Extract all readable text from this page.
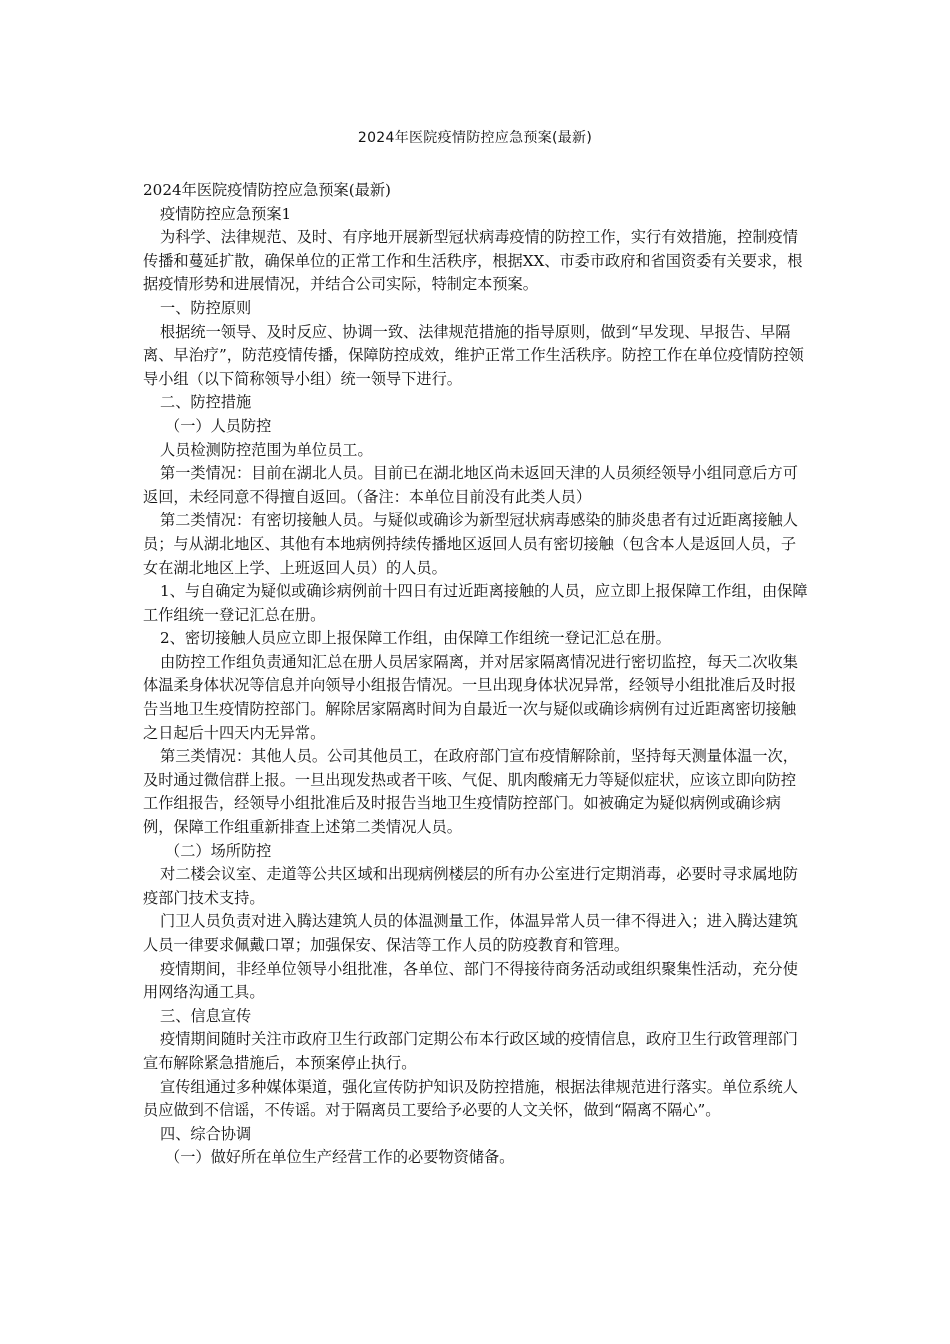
2024年医院疫情防控应急预案(最新)

2024年医院疫情防控应急预案(最新)

疫情防控应急预案1

为科学、法律规范、及时、有序地开展新型冠状病毒疫情的防控工作，实行有效措施，控制疫情传播和蔓延扩散，确保单位的正常工作和生活秩序，根据XX、市委市政府和省国资委有关要求，根据疫情形势和进展情况，并结合公司实际，特制定本预案。

一、防控原则

根据统一领导、及时反应、协调一致、法律规范措施的指导原则，做到“早发现、早报告、早隔离、早治疗”，防范疫情传播，保障防控成效，维护正常工作生活秩序。防控工作在单位疫情防控领导小组（以下简称领导小组）统一领导下进行。

二、防控措施

（一）人员防控

人员检测防控范围为单位员工。

第一类情况：目前在湖北人员。目前已在湖北地区尚未返回天津的人员须经领导小组同意后方可返回，未经同意不得擅自返回。（备注：本单位目前没有此类人员）

第二类情况：有密切接触人员。与疑似或确诊为新型冠状病毒感染的肺炎患者有过近距离接触人员；与从湖北地区、其他有本地病例持续传播地区返回人员有密切接触（包含本人是返回人员，子女在湖北地区上学、上班返回人员）的人员。

1、与自确定为疑似或确诊病例前十四日有过近距离接触的人员，应立即上报保障工作组，由保障工作组统一登记汇总在册。

2、密切接触人员应立即上报保障工作组，由保障工作组统一登记汇总在册。

由防控工作组负责通知汇总在册人员居家隔离，并对居家隔离情况进行密切监控，每天二次收集体温柔身体状况等信息并向领导小组报告情况。一旦出现身体状况异常，经领导小组批准后及时报告当地卫生疫情防控部门。解除居家隔离时间为自最近一次与疑似或确诊病例有过近距离密切接触之日起后十四天内无异常。

第三类情况：其他人员。公司其他员工，在政府部门宣布疫情解除前，坚持每天测量体温一次，及时通过微信群上报。一旦出现发热或者干咳、气促、肌肉酸痛无力等疑似症状，应该立即向防控工作组报告，经领导小组批准后及时报告当地卫生疫情防控部门。如被确定为疑似病例或确诊病例，保障工作组重新排查上述第二类情况人员。

（二）场所防控

对二楼会议室、走道等公共区域和出现病例楼层的所有办公室进行定期消毒，必要时寻求属地防疫部门技术支持。

门卫人员负责对进入腾达建筑人员的体温测量工作，体温异常人员一律不得进入；进入腾达建筑人员一律要求佩戴口罩；加强保安、保洁等工作人员的防疫教育和管理。

疫情期间，非经单位领导小组批准，各单位、部门不得接待商务活动或组织聚集性活动，充分使用网络沟通工具。

三、信息宣传

疫情期间随时关注市政府卫生行政部门定期公布本行政区域的疫情信息，政府卫生行政管理部门宣布解除紧急措施后，本预案停止执行。

宣传组通过多种媒体渠道，强化宣传防护知识及防控措施，根据法律规范进行落实。单位系统人员应做到不信谣，不传谣。对于隔离员工要给予必要的人文关怀，做到“隔离不隔心”。

四、综合协调

（一）做好所在单位生产经营工作的必要物资储备。
